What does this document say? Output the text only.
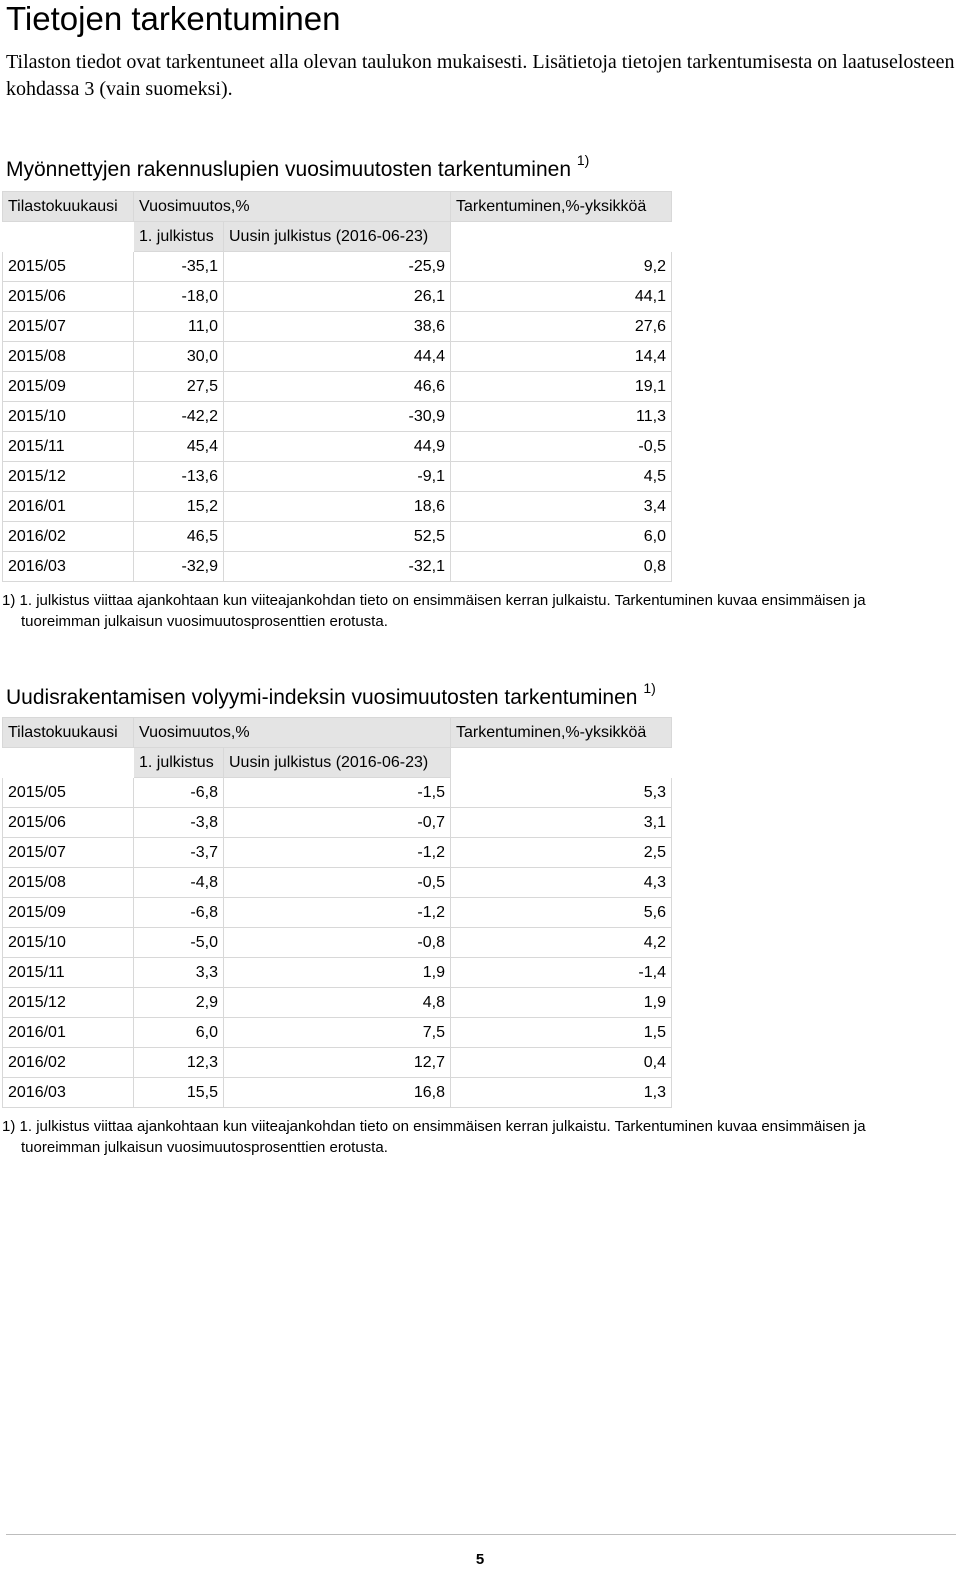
Tietojen tarkentuminen

Tilaston tiedot ovat tarkentuneet alla olevan taulukon mukaisesti. Lisätietoja tietojen tarkentumisesta on laatuselosteen kohdassa 3 (vain suomeksi).

Myönnettyjen rakennuslupien vuosimuutosten tarkentuminen $^{1)}$
Tilastokuukausi	Vuosimuutos,%		Tarkentuminen,%-yksikköä
	1. julkistus	Uusin julkistus (2016-06-23)	
2015/05	-35,1	-25,9	9,2
2015/06	-18,0	26,1	44,1
2015/07	11,0	38,6	27,6
2015/08	30,0	44,4	14,4
2015/09	27,5	46,6	19,1
2015/10	-42,2	-30,9	11,3
2015/11	45,4	44,9	-0,5
2015/12	-13,6	-9,1	4,5
2016/01	15,2	18,6	3,4
2016/02	46,5	52,5	6,0
2016/03	-32,9	-32,1	0,8

1) 1. julkistus viittaa ajankohtaan kun viiteajankohdan tieto on ensimmäisen kerran julkaistu. Tarkentuminen kuvaa ensimmäisen ja
tuoreimman julkaisun vuosimuutosprosenttien erotusta.

Uudisrakentamisen volyymi-indeksin vuosimuutosten tarkentuminen $^{1)}$
Tilastokuukausi	Vuosimuutos,%		Tarkentuminen,%-yksikköä
	1. julkistus	Uusin julkistus (2016-06-23)	
2015/05	-6,8	-1,5	5,3
2015/06	-3,8	-0,7	3,1
2015/07	-3,7	-1,2	2,5
2015/08	-4,8	-0,5	4,3
2015/09	-6,8	-1,2	5,6
2015/10	-5,0	-0,8	4,2
2015/11	3,3	1,9	-1,4
2015/12	2,9	4,8	1,9
2016/01	6,0	7,5	1,5
2016/02	12,3	12,7	0,4
2016/03	15,5	16,8	1,3

1) 1. julkistus viittaa ajankohtaan kun viiteajankohdan tieto on ensimmäisen kerran julkaistu. Tarkentuminen kuvaa ensimmäisen ja
tuoreimman julkaisun vuosimuutosprosenttien erotusta.

5
